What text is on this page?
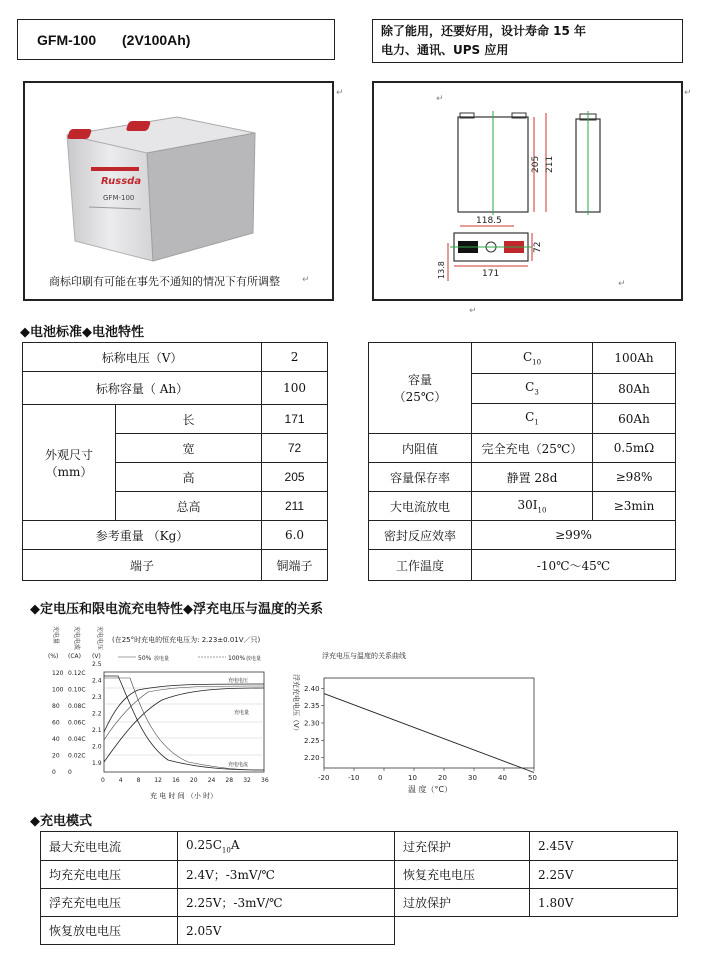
GFM-100 (2V100Ah)
除了能用，还要好用，设计寿命 15 年
电力、通讯、UPS 应用
Russda
GFM-100
商标印刷有可能在事先不通知的情况下有所调整 ↵
↵
205 211
118.5
72
171
13.8
↵
↵
↵
↵
◆电池标准◆电池特性
标称电压（V）		2
标称容量（ Ah）		100

外观尺寸
（mm）	长	171
	宽	72
	高	205
	总高	211
参考重量 （Kg）		6.0
端子		铜端子
容量
（25℃）	$C_{10}$	100Ah
	$C_3$	80Ah
	$C_1$	60Ah
内阻值	完全充电（25℃）	0.5mΩ
容量保存率	静置 28d	≥98%
大电流放电	$30I_{10}$	≥3min
密封反应效率	≥99%	
工作温度	-10℃～45℃	
◆定电压和限电流充电特性◆浮充电压与温度的关系
(在25°时充电的恒充电压为: 2.23±0.01V／只)
50% 放电量	100% 放电量
充电量
(%)
充电电流
(CA)
充电电压
(V)
充电电压
充电量
充电电流
0 4 8 12 16 20 24 28 32 36
120
100
80
60
40
20
0
0.12C
0.10C
0.08C
0.06C
0.04C
0.02C
0
2.5
2.4
2.3
2.2
2.1
2.0
1.9
充 电 时 间 （小 时）
浮充电压与温度的关系曲线
浮充充电电压（V）
-20	-10	0	10	20	30	40	50
2.40
2.35
2.30
2.25
2.20
温 度（°C）
◆充电模式
最大充电电流	$0.25C_{10}A$	过充保护	2.45V
均充充电电压	2.4V；-3mV/℃	恢复充电电压	2.25V
浮充充电电压	2.25V；-3mV/℃	过放保护	1.80V
恢复放电电压	2.05V		
